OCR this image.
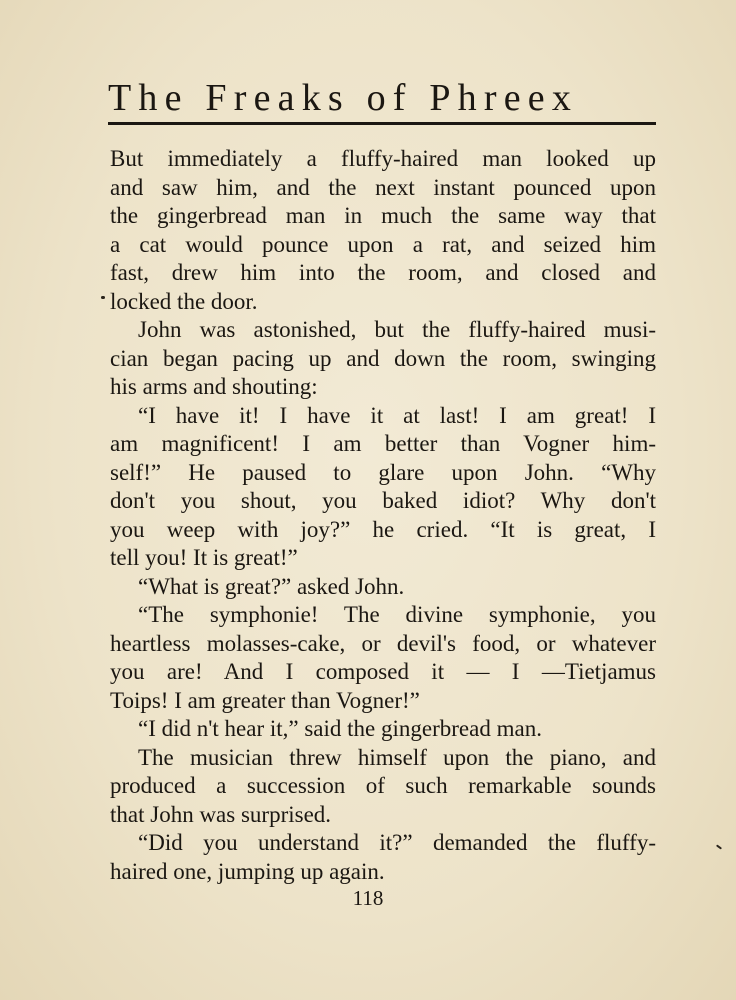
The Freaks of Phreex
But immediately a fluffy-haired man looked up
and saw him, and the next instant pounced upon
the gingerbread man in much the same way that
a cat would pounce upon a rat, and seized him
fast, drew him into the room, and closed and
locked the door.
John was astonished, but the fluffy-haired musi-
cian began pacing up and down the room, swinging
his arms and shouting:
“I have it! I have it at last! I am great! I
am magnificent! I am better than Vogner him-
self!” He paused to glare upon John. “Why
don't you shout, you baked idiot? Why don't
you weep with joy?” he cried. “It is great, I
tell you! It is great!”
“What is great?” asked John.
“The symphonie! The divine symphonie, you
heartless molasses-cake, or devil's food, or whatever
you are! And I composed it — I —Tietjamus
Toips! I am greater than Vogner!”
“I did n't hear it,” said the gingerbread man.
The musician threw himself upon the piano, and
produced a succession of such remarkable sounds
that John was surprised.
“Did you understand it?” demanded the fluffy-
haired one, jumping up again.
118
